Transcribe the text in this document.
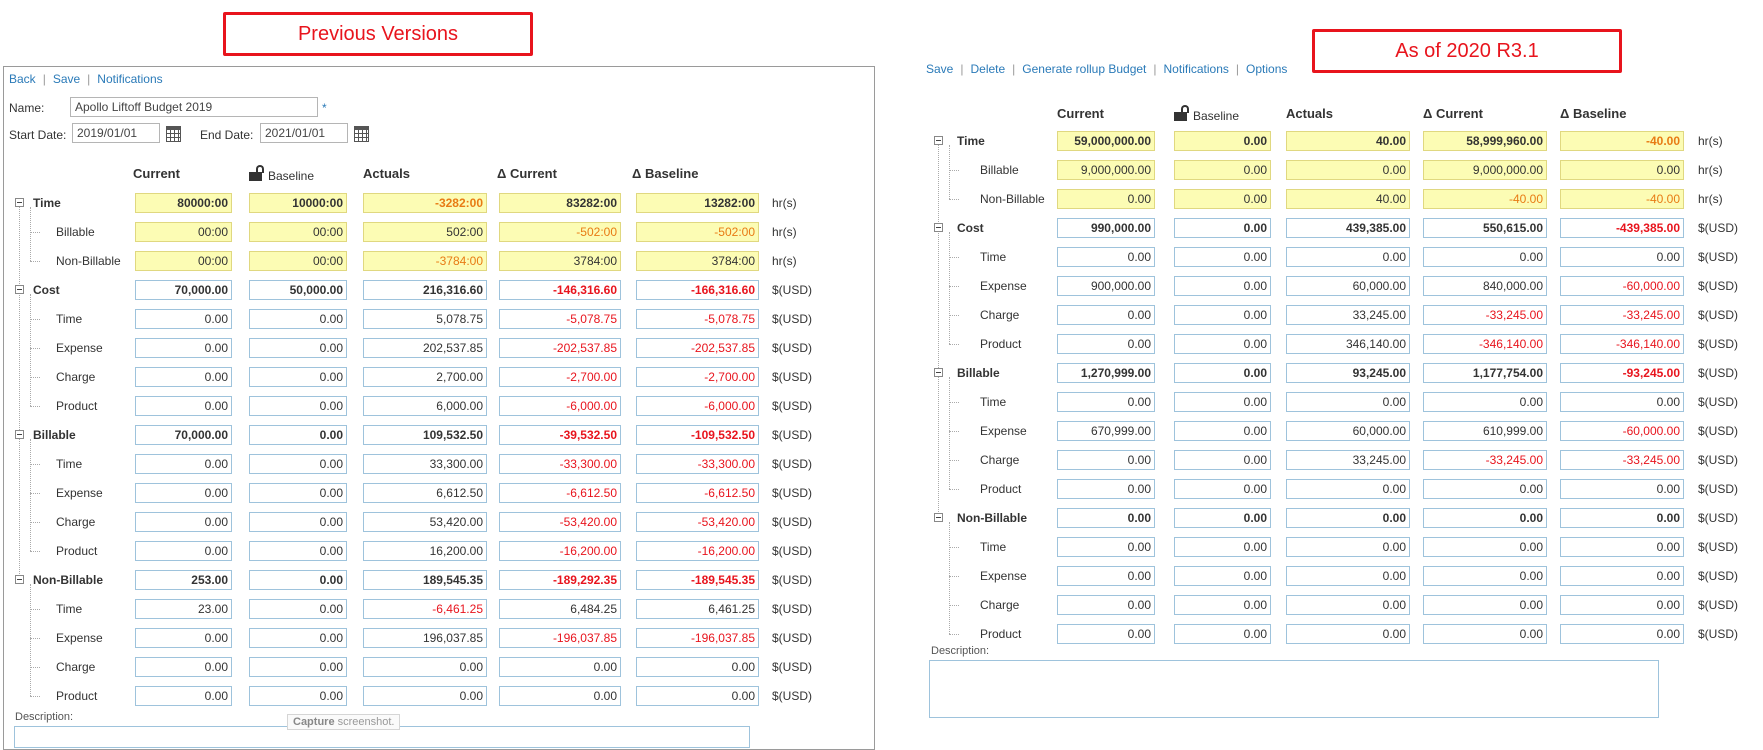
Previous Versions
As of 2020 R3.1
Back | Save | Notifications
Name:	Apollo Liftoff Budget 2019	*
Start Date: 2019/01/01	End Date: 2021/01/01
Current	Baseline	Actuals	Δ Current	Δ Baseline
Time	80000:00	10000:00	-3282:00	83282:00	13282:00	hr(s)
Billable	00:00	00:00	502:00	-502:00	-502:00	hr(s)
Non-Billable	00:00	00:00	-3784:00	3784:00	3784:00	hr(s)
Cost	70,000.00	50,000.00	216,316.60	-146,316.60	-166,316.60	$(USD)
Time	0.00	0.00	5,078.75	-5,078.75	-5,078.75	$(USD)
Expense	0.00	0.00	202,537.85	-202,537.85	-202,537.85	$(USD)
Charge	0.00	0.00	2,700.00	-2,700.00	-2,700.00	$(USD)
Product	0.00	0.00	6,000.00	-6,000.00	-6,000.00	$(USD)
Billable	70,000.00	0.00	109,532.50	-39,532.50	-109,532.50	$(USD)
Time	0.00	0.00	33,300.00	-33,300.00	-33,300.00	$(USD)
Expense	0.00	0.00	6,612.50	-6,612.50	-6,612.50	$(USD)
Charge	0.00	0.00	53,420.00	-53,420.00	-53,420.00	$(USD)
Product	0.00	0.00	16,200.00	-16,200.00	-16,200.00	$(USD)
Non-Billable	253.00	0.00	189,545.35	-189,292.35	-189,545.35	$(USD)
Time	23.00	0.00	-6,461.25	6,484.25	6,461.25	$(USD)
Expense	0.00	0.00	196,037.85	-196,037.85	-196,037.85	$(USD)
Charge	0.00	0.00	0.00	0.00	0.00	$(USD)
Product	0.00	0.00	0.00	0.00	0.00	$(USD)
Description:	Capture screenshot.
Save | Delete | Generate rollup Budget | Notifications | Options
Current	Baseline	Actuals	Δ Current	Δ Baseline
Time	59,000,000.00	0.00	40.00	58,999,960.00	-40.00	hr(s)
Billable	9,000,000.00	0.00	0.00	9,000,000.00	0.00	hr(s)
Non-Billable	0.00	0.00	40.00	-40.00	-40.00	hr(s)
Cost	990,000.00	0.00	439,385.00	550,615.00	-439,385.00	$(USD)
Time	0.00	0.00	0.00	0.00	0.00	$(USD)
Expense	900,000.00	0.00	60,000.00	840,000.00	-60,000.00	$(USD)
Charge	0.00	0.00	33,245.00	-33,245.00	-33,245.00	$(USD)
Product	0.00	0.00	346,140.00	-346,140.00	-346,140.00	$(USD)
Billable	1,270,999.00	0.00	93,245.00	1,177,754.00	-93,245.00	$(USD)
Time	0.00	0.00	0.00	0.00	0.00	$(USD)
Expense	670,999.00	0.00	60,000.00	610,999.00	-60,000.00	$(USD)
Charge	0.00	0.00	33,245.00	-33,245.00	-33,245.00	$(USD)
Product	0.00	0.00	0.00	0.00	0.00	$(USD)
Non-Billable	0.00	0.00	0.00	0.00	0.00	$(USD)
Time	0.00	0.00	0.00	0.00	0.00	$(USD)
Expense	0.00	0.00	0.00	0.00	0.00	$(USD)
Charge	0.00	0.00	0.00	0.00	0.00	$(USD)
Product	0.00	0.00	0.00	0.00	0.00	$(USD)
Description:
